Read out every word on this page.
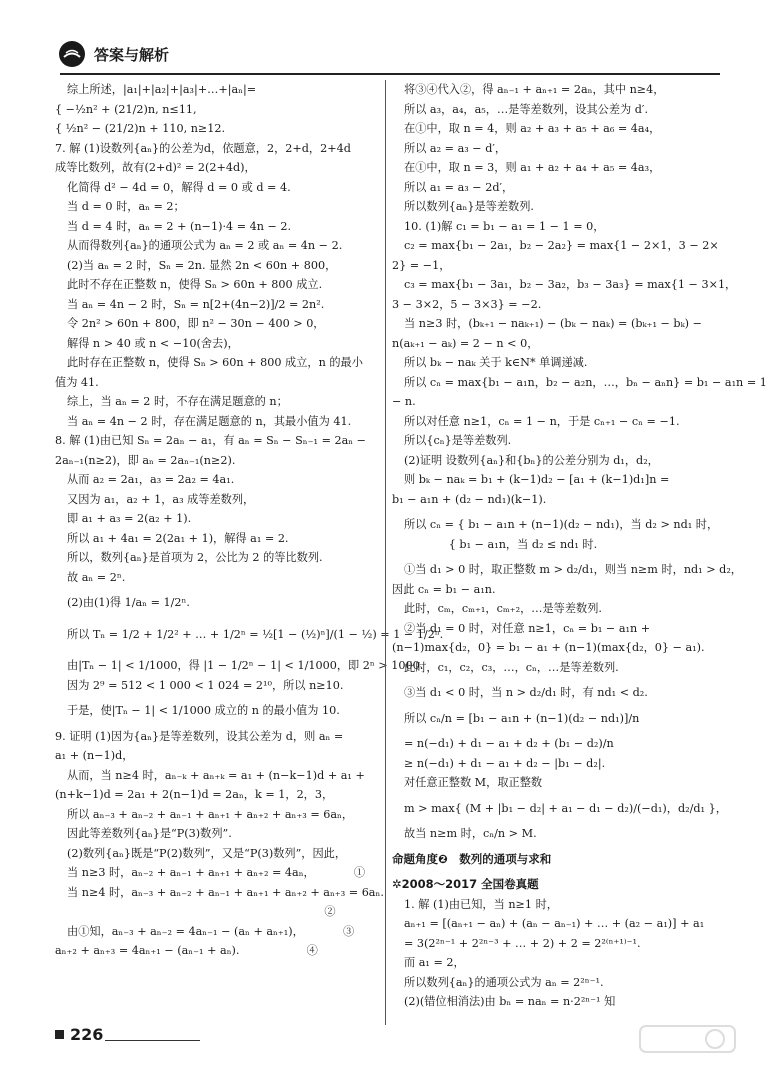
答案与解析
综上所述，|a₁|+|a₂|+|a₃|+…+|aₙ|=
{ −½n² + (21/2)n, n≤11,
{ ½n² − (21/2)n + 110, n≥12.
7. 解 (1)设数列{aₙ}的公差为d，依题意，2，2+d，2+4d
成等比数列，故有(2+d)² = 2(2+4d)，
化简得 d² − 4d = 0，解得 d = 0 或 d = 4.
当 d = 0 时，aₙ = 2；
当 d = 4 时，aₙ = 2 + (n−1)·4 = 4n − 2.
从而得数列{aₙ}的通项公式为 aₙ = 2 或 aₙ = 4n − 2.
(2)当 aₙ = 2 时，Sₙ = 2n. 显然 2n < 60n + 800，
此时不存在正整数 n，使得 Sₙ > 60n + 800 成立.
当 aₙ = 4n − 2 时，Sₙ = n[2+(4n−2)]/2 = 2n².
令 2n² > 60n + 800，即 n² − 30n − 400 > 0，
解得 n > 40 或 n < −10(舍去)，
此时存在正整数 n，使得 Sₙ > 60n + 800 成立，n 的最小
值为 41.
综上，当 aₙ = 2 时，不存在满足题意的 n；
当 aₙ = 4n − 2 时，存在满足题意的 n，其最小值为 41.
8. 解 (1)由已知 Sₙ = 2aₙ − a₁，有 aₙ = Sₙ − Sₙ₋₁ = 2aₙ −
2aₙ₋₁(n≥2)，即 aₙ = 2aₙ₋₁(n≥2).
从而 a₂ = 2a₁，a₃ = 2a₂ = 4a₁.
又因为 a₁，a₂ + 1，a₃ 成等差数列，
即 a₁ + a₃ = 2(a₂ + 1).
所以 a₁ + 4a₁ = 2(2a₁ + 1)，解得 a₁ = 2.
所以，数列{aₙ}是首项为 2，公比为 2 的等比数列.
故 aₙ = 2ⁿ.
(2)由(1)得 1/aₙ = 1/2ⁿ.
所以 Tₙ = 1/2 + 1/2² + … + 1/2ⁿ = ½[1 − (½)ⁿ]/(1 − ½) = 1 − 1/2ⁿ.
由|Tₙ − 1| < 1/1000，得 |1 − 1/2ⁿ − 1| < 1/1000，即 2ⁿ > 1000.
因为 2⁹ = 512 < 1 000 < 1 024 = 2¹⁰，所以 n≥10.
于是，使|Tₙ − 1| < 1/1000 成立的 n 的最小值为 10.
9. 证明 (1)因为{aₙ}是等差数列，设其公差为 d，则 aₙ =
a₁ + (n−1)d，
从而，当 n≥4 时，aₙ₋ₖ + aₙ₊ₖ = a₁ + (n−k−1)d + a₁ +
(n+k−1)d = 2a₁ + 2(n−1)d = 2aₙ，k = 1，2，3，
所以 aₙ₋₃ + aₙ₋₂ + aₙ₋₁ + aₙ₊₁ + aₙ₊₂ + aₙ₊₃ = 6aₙ，
因此等差数列{aₙ}是“P(3)数列”.
(2)数列{aₙ}既是“P(2)数列”，又是“P(3)数列”，因此，
当 n≥3 时，aₙ₋₂ + aₙ₋₁ + aₙ₊₁ + aₙ₊₂ = 4aₙ，　　　　①
当 n≥4 时，aₙ₋₃ + aₙ₋₂ + aₙ₋₁ + aₙ₊₁ + aₙ₊₂ + aₙ₊₃ = 6aₙ.
　　　　　　　　　　　　　　　　　　　　　　　②
由①知，aₙ₋₃ + aₙ₋₂ = 4aₙ₋₁ − (aₙ + aₙ₊₁)，　　　　③
aₙ₊₂ + aₙ₊₃ = 4aₙ₊₁ − (aₙ₋₁ + aₙ).　　　　　　④
将③④代入②，得 aₙ₋₁ + aₙ₊₁ = 2aₙ，其中 n≥4，
所以 a₃，a₄，a₅，…是等差数列，设其公差为 d′.
在①中，取 n = 4，则 a₂ + a₃ + a₅ + a₆ = 4a₄，
所以 a₂ = a₃ − d′，
在①中，取 n = 3，则 a₁ + a₂ + a₄ + a₅ = 4a₃，
所以 a₁ = a₃ − 2d′，
所以数列{aₙ}是等差数列.
10. (1)解 c₁ = b₁ − a₁ = 1 − 1 = 0，
c₂ = max{b₁ − 2a₁，b₂ − 2a₂} = max{1 − 2×1，3 − 2×
2} = −1，
c₃ = max{b₁ − 3a₁，b₂ − 3a₂，b₃ − 3a₃} = max{1 − 3×1，
3 − 3×2，5 − 3×3} = −2.
当 n≥3 时，(bₖ₊₁ − naₖ₊₁) − (bₖ − naₖ) = (bₖ₊₁ − bₖ) −
n(aₖ₊₁ − aₖ) = 2 − n < 0，
所以 bₖ − naₖ 关于 k∈N* 单调递减.
所以 cₙ = max{b₁ − a₁n，b₂ − a₂n，…，bₙ − aₙn} = b₁ − a₁n = 1
− n.
所以对任意 n≥1，cₙ = 1 − n，于是 cₙ₊₁ − cₙ = −1.
所以{cₙ}是等差数列.
(2)证明 设数列{aₙ}和{bₙ}的公差分别为 d₁，d₂，
则 bₖ − naₖ = b₁ + (k−1)d₂ − [a₁ + (k−1)d₁]n =
b₁ − a₁n + (d₂ − nd₁)(k−1).
所以 cₙ = { b₁ − a₁n + (n−1)(d₂ − nd₁)，当 d₂ > nd₁ 时，
　　　　{ b₁ − a₁n，当 d₂ ≤ nd₁ 时.
①当 d₁ > 0 时，取正整数 m > d₂/d₁，则当 n≥m 时，nd₁ > d₂，
因此 cₙ = b₁ − a₁n.
此时，cₘ，cₘ₊₁，cₘ₊₂，…是等差数列.
②当 d₁ = 0 时，对任意 n≥1，cₙ = b₁ − a₁n +
(n−1)max{d₂，0} = b₁ − a₁ + (n−1)(max{d₂，0} − a₁).
此时，c₁，c₂，c₃，…，cₙ，…是等差数列.
③当 d₁ < 0 时，当 n > d₂/d₁ 时，有 nd₁ < d₂.
所以 cₙ/n = [b₁ − a₁n + (n−1)(d₂ − nd₁)]/n
= n(−d₁) + d₁ − a₁ + d₂ + (b₁ − d₂)/n
≥ n(−d₁) + d₁ − a₁ + d₂ − |b₁ − d₂|.
对任意正整数 M，取正整数
m > max{ (M + |b₁ − d₂| + a₁ − d₁ − d₂)/(−d₁)，d₂/d₁ }，
故当 n≥m 时，cₙ/n > M.
命题角度❷　数列的通项与求和
✲2008～2017 全国卷真题
1. 解 (1)由已知，当 n≥1 时，
aₙ₊₁ = [(aₙ₊₁ − aₙ) + (aₙ − aₙ₋₁) + … + (a₂ − a₁)] + a₁
= 3(2²ⁿ⁻¹ + 2²ⁿ⁻³ + … + 2) + 2 = 2²⁽ⁿ⁺¹⁾⁻¹.
而 a₁ = 2，
所以数列{aₙ}的通项公式为 aₙ = 2²ⁿ⁻¹.
(2)(错位相消法)由 bₙ = naₙ = n·2²ⁿ⁻¹ 知
226
